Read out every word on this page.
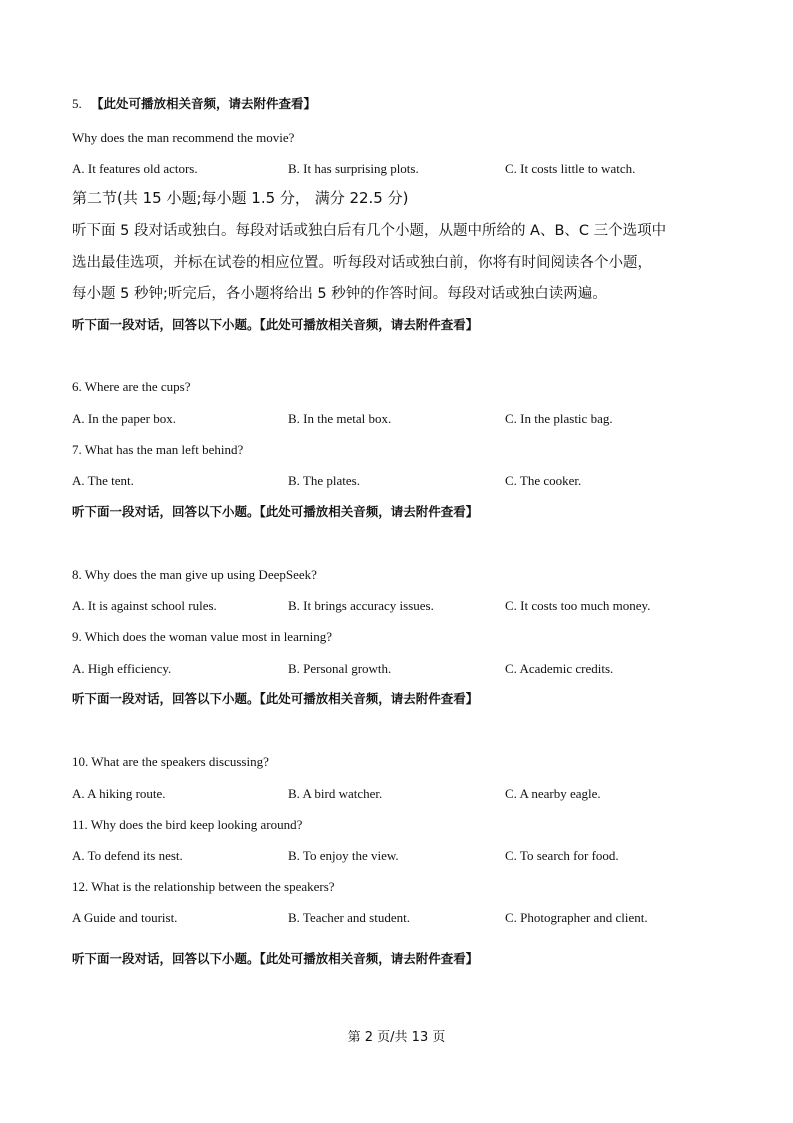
5. 【此处可播放相关音频，请去附件查看】
Why does the man recommend the movie?
A. It features old actors.	B. It has surprising plots.	C. It costs little to watch.
第二节(共 15 小题;每小题 1.5 分， 满分 22.5 分)
听下面 5 段对话或独白。每段对话或独白后有几个小题，从题中所给的 A、B、C 三个选项中
选出最佳选项，并标在试卷的相应位置。听每段对话或独白前，你将有时间阅读各个小题，
每小题 5 秒钟;听完后，各小题将给出 5 秒钟的作答时间。每段对话或独白读两遍。
听下面一段对话，回答以下小题。【此处可播放相关音频，请去附件查看】
6. Where are the cups?
A. In the paper box.	B. In the metal box.	C. In the plastic bag.
7. What has the man left behind?
A. The tent.	B. The plates.	C. The cooker.
听下面一段对话，回答以下小题。【此处可播放相关音频，请去附件查看】
8. Why does the man give up using DeepSeek?
A. It is against school rules.	B. It brings accuracy issues.	C. It costs too much money.
9. Which does the woman value most in learning?
A. High efficiency.	B. Personal growth.	C. Academic credits.
听下面一段对话，回答以下小题。【此处可播放相关音频，请去附件查看】
10. What are the speakers discussing?
A. A hiking route.	B. A bird watcher.	C. A nearby eagle.
11. Why does the bird keep looking around?
A. To defend its nest.	B. To enjoy the view.	C. To search for food.
12. What is the relationship between the speakers?
A Guide and tourist.	B. Teacher and student.	C. Photographer and client.
听下面一段对话，回答以下小题。【此处可播放相关音频，请去附件查看】
第 2 页/共 13 页
